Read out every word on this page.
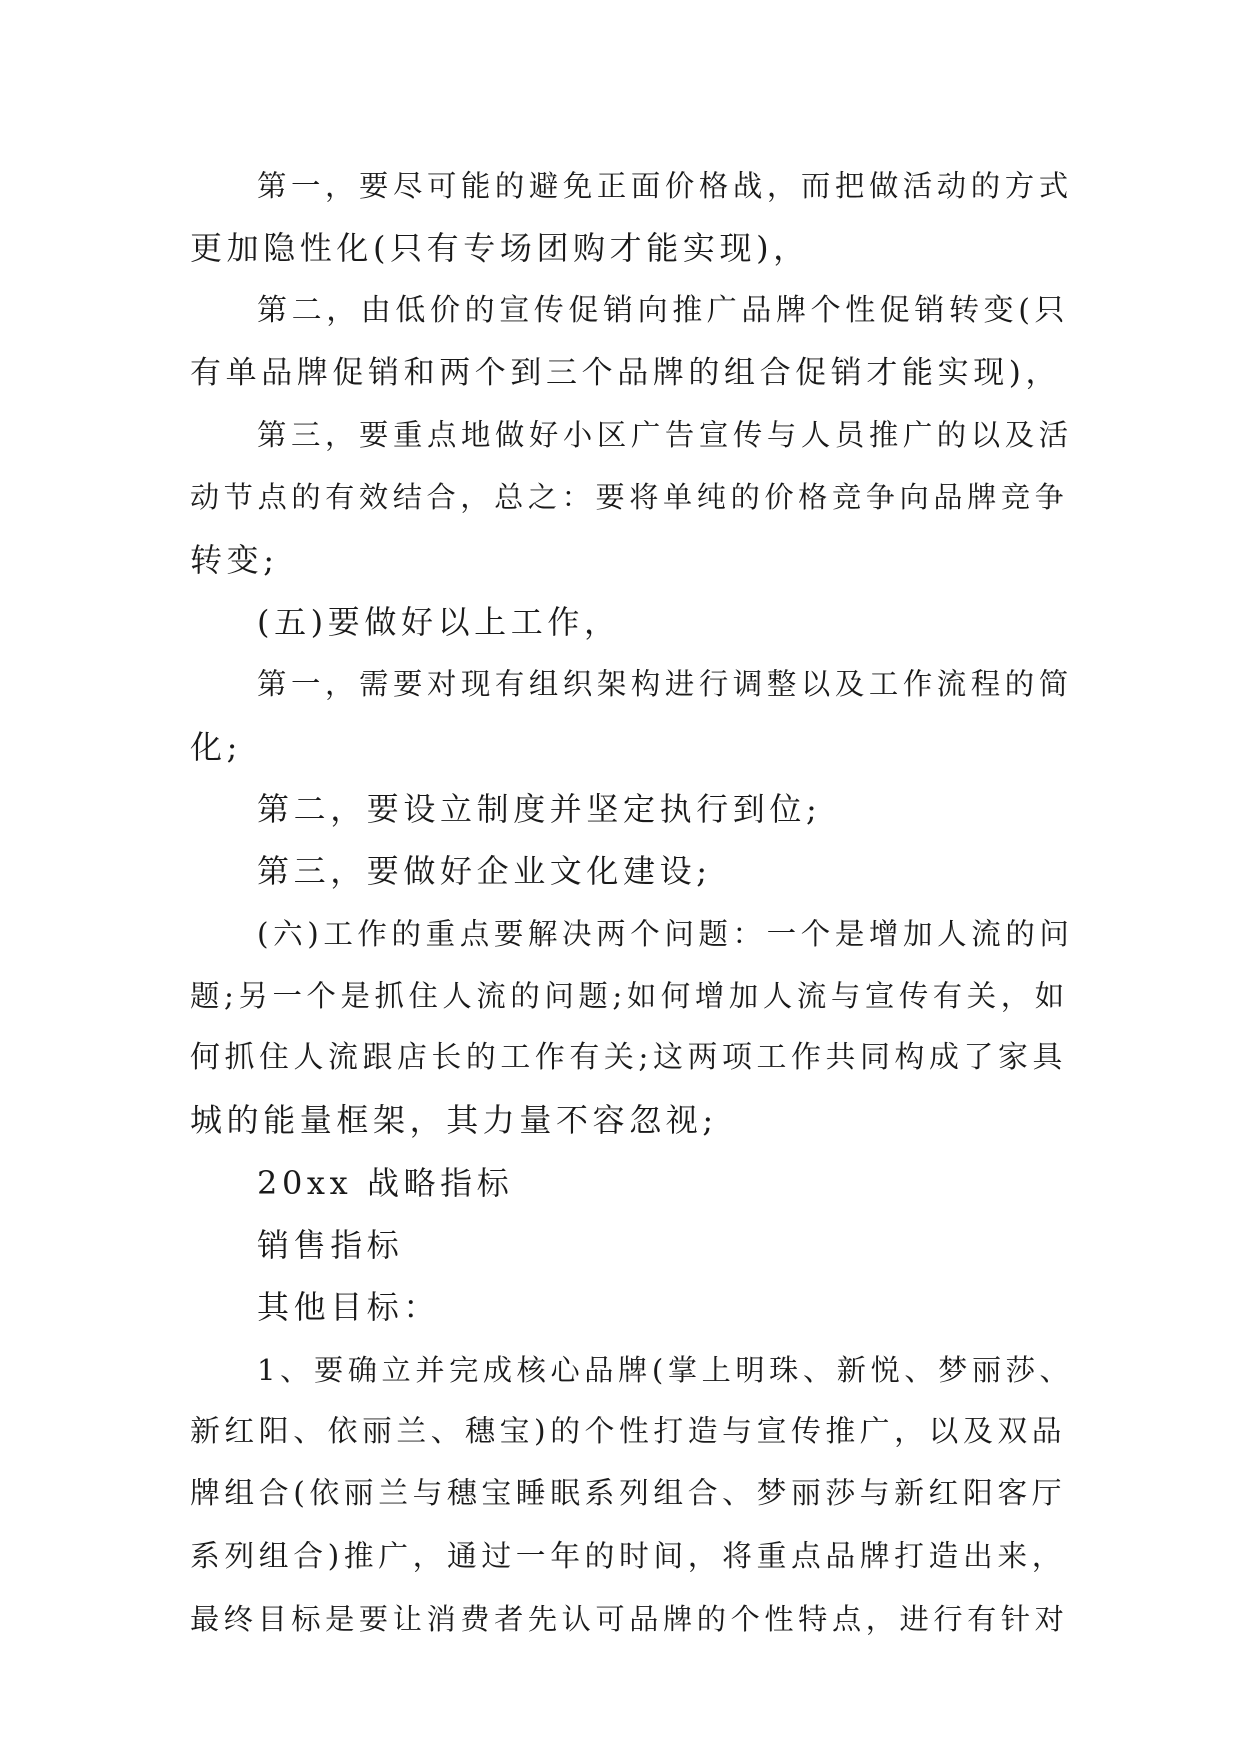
第一，要尽可能的避免正面价格战，而把做活动的方式
更加隐性化(只有专场团购才能实现)，
第二，由低价的宣传促销向推广品牌个性促销转变(只
有单品牌促销和两个到三个品牌的组合促销才能实现)，
第三，要重点地做好小区广告宣传与人员推广的以及活
动节点的有效结合，总之：要将单纯的价格竞争向品牌竞争
转变;
(五)要做好以上工作，
第一，需要对现有组织架构进行调整以及工作流程的简
化;
第二，要设立制度并坚定执行到位;
第三，要做好企业文化建设;
(六)工作的重点要解决两个问题：一个是增加人流的问
题;另一个是抓住人流的问题;如何增加人流与宣传有关，如
何抓住人流跟店长的工作有关;这两项工作共同构成了家具
城的能量框架，其力量不容忽视;
20xx 战略指标
销售指标
其他目标：
1、要确立并完成核心品牌(掌上明珠、新悦、梦丽莎、
新红阳、依丽兰、穗宝)的个性打造与宣传推广，以及双品
牌组合(依丽兰与穗宝睡眠系列组合、梦丽莎与新红阳客厅
系列组合)推广，通过一年的时间，将重点品牌打造出来，
最终目标是要让消费者先认可品牌的个性特点，进行有针对
